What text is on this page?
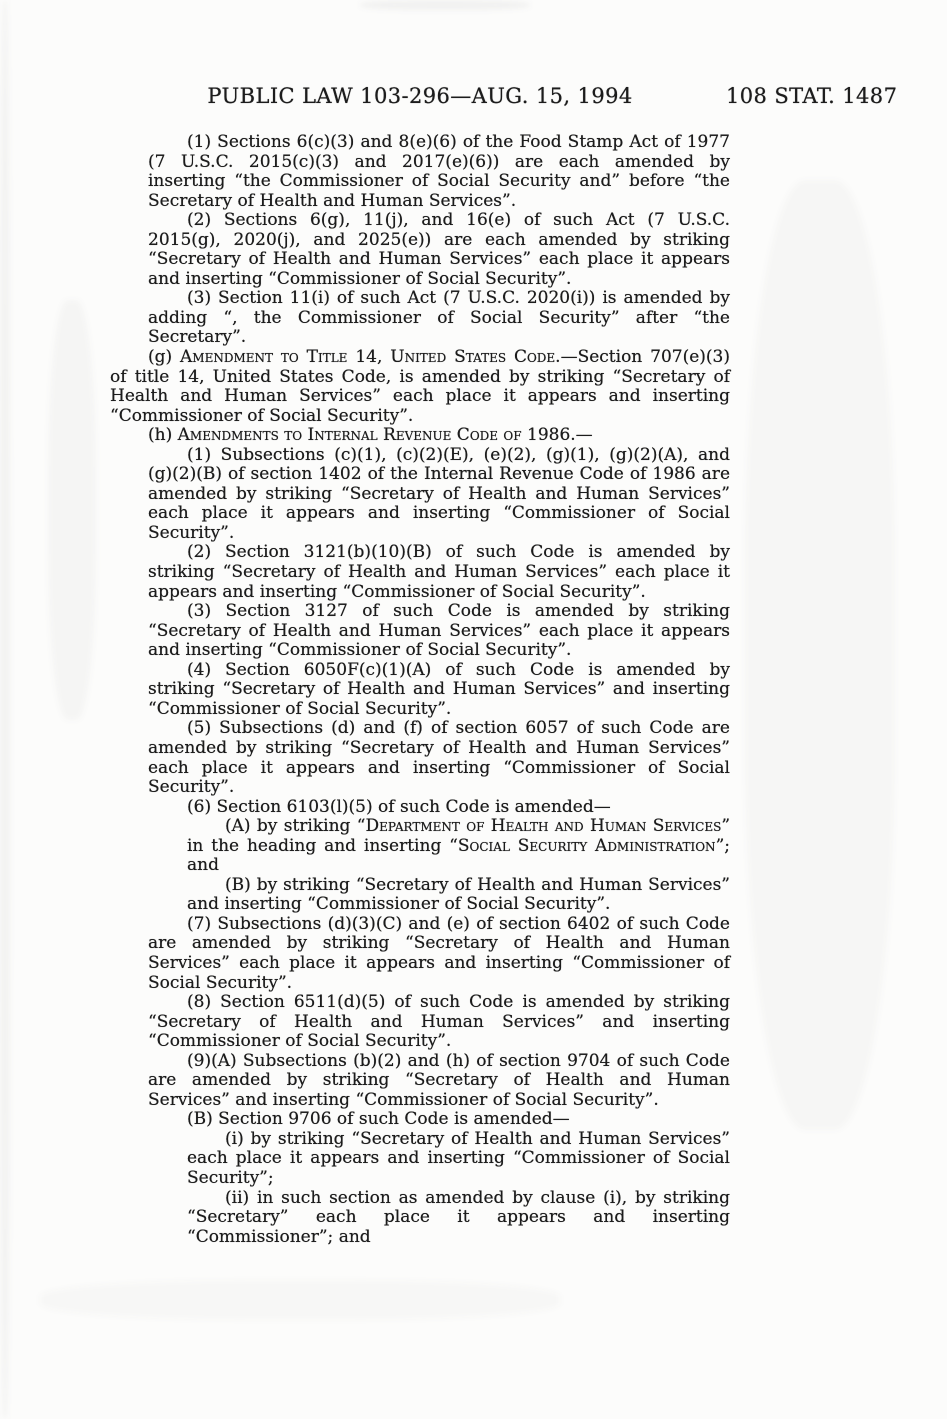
PUBLIC LAW 103-296—AUG. 15, 1994	108 STAT. 1487
(1) Sections 6(c)(3) and 8(e)(6) of the Food Stamp Act of 1977 (7 U.S.C. 2015(c)(3) and 2017(e)(6)) are each amended by inserting “the Commissioner of Social Security and” before “the Secretary of Health and Human Services”.
(2) Sections 6(g), 11(j), and 16(e) of such Act (7 U.S.C. 2015(g), 2020(j), and 2025(e)) are each amended by striking “Secretary of Health and Human Services” each place it appears and inserting “Commissioner of Social Security”.
(3) Section 11(i) of such Act (7 U.S.C. 2020(i)) is amended by adding “, the Commissioner of Social Security” after “the Secretary”.
(g) Amendment to Title 14, United States Code.—Section 707(e)(3) of title 14, United States Code, is amended by striking “Secretary of Health and Human Services” each place it appears and inserting “Commissioner of Social Security”.
(h) Amendments to Internal Revenue Code of 1986.—
(1) Subsections (c)(1), (c)(2)(E), (e)(2), (g)(1), (g)(2)(A), and (g)(2)(B) of section 1402 of the Internal Revenue Code of 1986 are amended by striking “Secretary of Health and Human Services” each place it appears and inserting “Commissioner of Social Security”.
(2) Section 3121(b)(10)(B) of such Code is amended by striking “Secretary of Health and Human Services” each place it appears and inserting “Commissioner of Social Security”.
(3) Section 3127 of such Code is amended by striking “Secretary of Health and Human Services” each place it appears and inserting “Commissioner of Social Security”.
(4) Section 6050F(c)(1)(A) of such Code is amended by striking “Secretary of Health and Human Services” and inserting “Commissioner of Social Security”.
(5) Subsections (d) and (f) of section 6057 of such Code are amended by striking “Secretary of Health and Human Services” each place it appears and inserting “Commissioner of Social Security”.
(6) Section 6103(l)(5) of such Code is amended—
(A) by striking “Department of Health and Human Services” in the heading and inserting “Social Security Administration”; and
(B) by striking “Secretary of Health and Human Services” and inserting “Commissioner of Social Security”.
(7) Subsections (d)(3)(C) and (e) of section 6402 of such Code are amended by striking “Secretary of Health and Human Services” each place it appears and inserting “Commissioner of Social Security”.
(8) Section 6511(d)(5) of such Code is amended by striking “Secretary of Health and Human Services” and inserting “Commissioner of Social Security”.
(9)(A) Subsections (b)(2) and (h) of section 9704 of such Code are amended by striking “Secretary of Health and Human Services” and inserting “Commissioner of Social Security”.
(B) Section 9706 of such Code is amended—
(i) by striking “Secretary of Health and Human Services” each place it appears and inserting “Commissioner of Social Security”;
(ii) in such section as amended by clause (i), by striking “Secretary” each place it appears and inserting “Commissioner”; and
